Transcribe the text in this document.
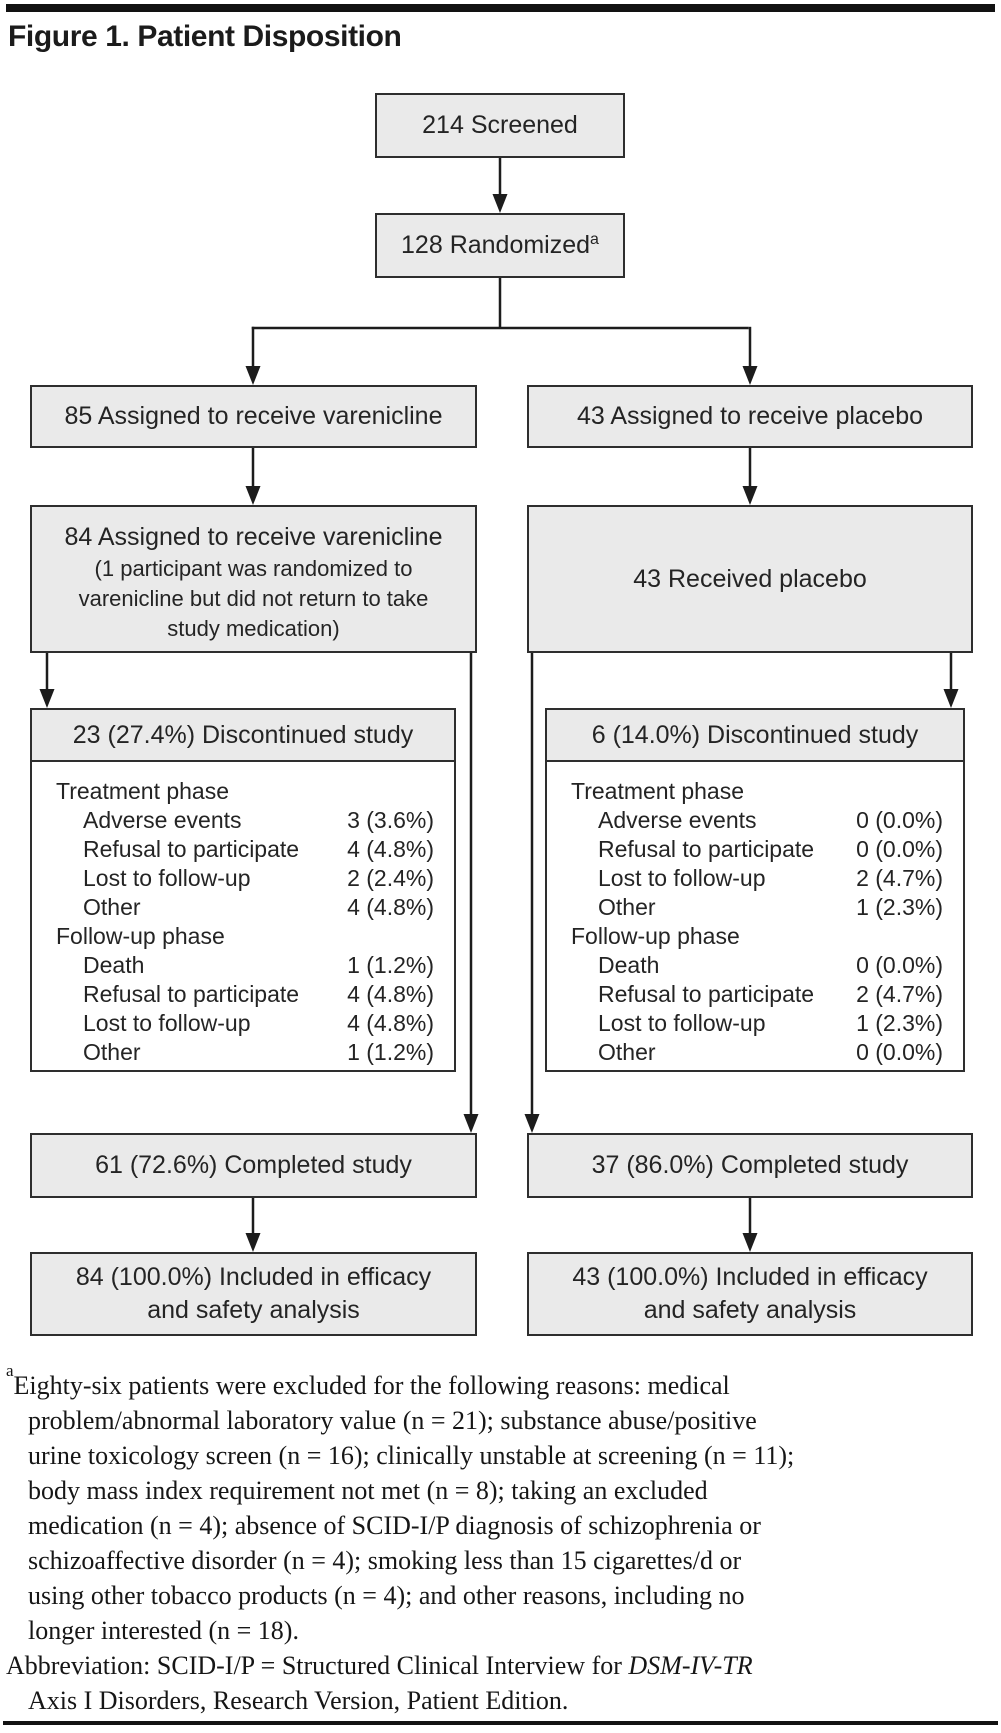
Figure 1. Patient Disposition
214 Screened
128 Randomized$^a$
85 Assigned to receive varenicline	43 Assigned to receive placebo
84 Assigned to receive varenicline
(1 participant was randomized to
varenicline but did not return to take
study medication)
43 Received placebo
23 (27.4%) Discontinued study
Treatment phase
Adverse events	3 (3.6%)
Refusal to participate 4 (4.8%)
Lost to follow-up	2 (2.4%)
Other	4 (4.8%)
Follow-up phase
Death	1 (1.2%)
Refusal to participate 4 (4.8%)
Lost to follow-up	4 (4.8%)
Other	1 (1.2%)
6 (14.0%) Discontinued study
Treatment phase
Adverse events	0 (0.0%)
Refusal to participate 0 (0.0%)
Lost to follow-up	2 (4.7%)
Other	1 (2.3%)
Follow-up phase
Death	0 (0.0%)
Refusal to participate 2 (4.7%)
Lost to follow-up	1 (2.3%)
Other	0 (0.0%)
61 (72.6%) Completed study	37 (86.0%) Completed study
84 (100.0%) Included in efficacy
and safety analysis
43 (100.0%) Included in efficacy
and safety analysis
$^a$Eighty-six patients were excluded for the following reasons: medical
problem/abnormal laboratory value (n = 21); substance abuse/positive
urine toxicology screen (n = 16); clinically unstable at screening (n = 11);
body mass index requirement not met (n = 8); taking an excluded
medication (n = 4); absence of SCID-I/P diagnosis of schizophrenia or
schizoaffective disorder (n = 4); smoking less than 15 cigarettes/d or
using other tobacco products (n = 4); and other reasons, including no
longer interested (n = 18).
Abbreviation: SCID-I/P = Structured Clinical Interview for DSM-IV-TR
Axis I Disorders, Research Version, Patient Edition.
